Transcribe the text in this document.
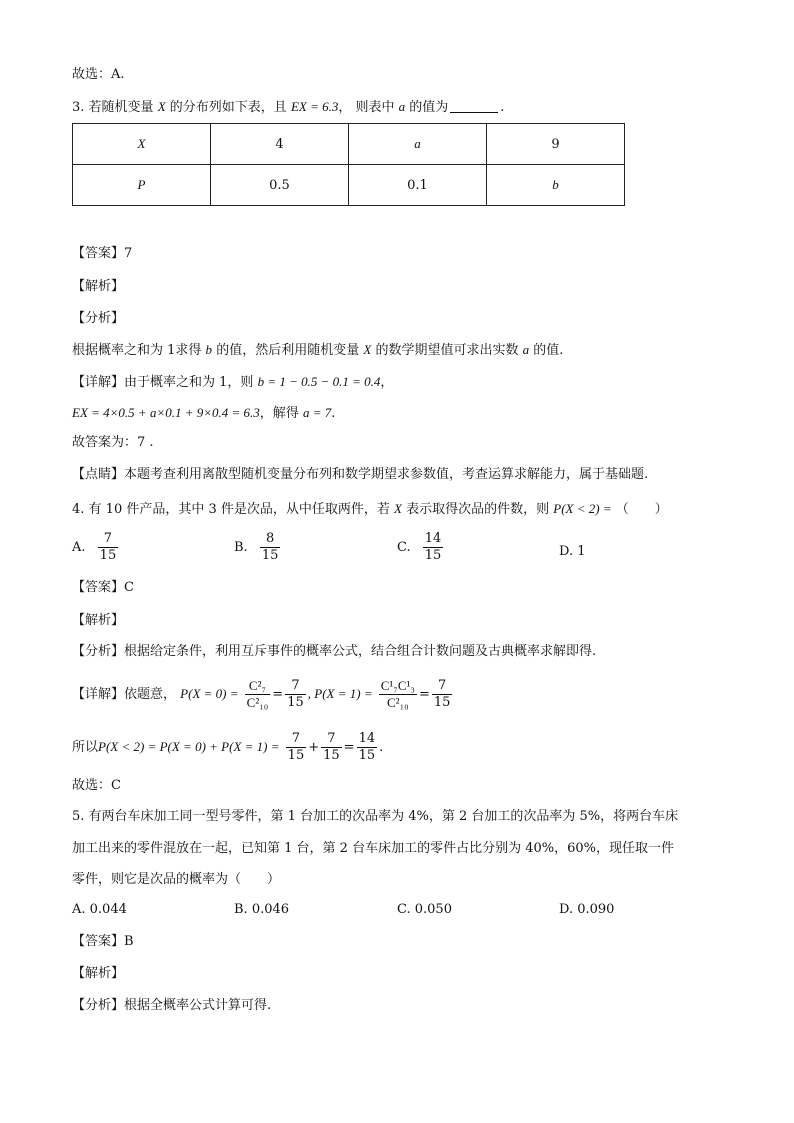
故选：A.
3. 若随机变量 X 的分布列如下表，且 EX = 6.3， 则表中 a 的值为	.
X	4	a	9
P	0.5	0.1	b
【答案】7
【解析】
【分析】
根据概率之和为 1求得 b 的值，然后利用随机变量 X 的数学期望值可求出实数 a 的值.
【详解】由于概率之和为 1，则 b = 1 − 0.5 − 0.1 = 0.4，
EX = 4×0.5 + a×0.1 + 9×0.4 = 6.3，解得 a = 7.
故答案为：7 .
【点睛】本题考查利用离散型随机变量分布列和数学期望求参数值，考查运算求解能力，属于基础题.
4. 有 10 件产品，其中 3 件是次品，从中任取两件，若 X 表示取得次品的件数，则 P(X < 2) = （　　）
A. $\frac{7}{15}$	B. $\frac{8}{15}$	C. $\frac{14}{15}$	D. 1
【答案】C
【解析】
【分析】根据给定条件，利用互斥事件的概率公式，结合组合计数问题及古典概率求解即得.
【详解】依题意， $P(X = 0) = \frac{\text{C²₇}}{\text{C²₁₀}} = \frac{7}{15}$ , $P(X = 1) = \frac{\text{C¹₇C¹₃}}{\text{C²₁₀}} = \frac{7}{15}$
所以$P(X < 2) = P(X = 0) + P(X = 1) = \frac{7}{15} + \frac{7}{15} = \frac{14}{15}$ .
故选：C
5. 有两台车床加工同一型号零件，第 1 台加工的次品率为 4%，第 2 台加工的次品率为 5%，将两台车床
加工出来的零件混放在一起，已知第 1 台，第 2 台车床加工的零件占比分别为 40%，60%，现任取一件
零件，则它是次品的概率为（　　）
A. 0.044	B. 0.046	C. 0.050	D. 0.090
【答案】B
【解析】
【分析】根据全概率公式计算可得.
